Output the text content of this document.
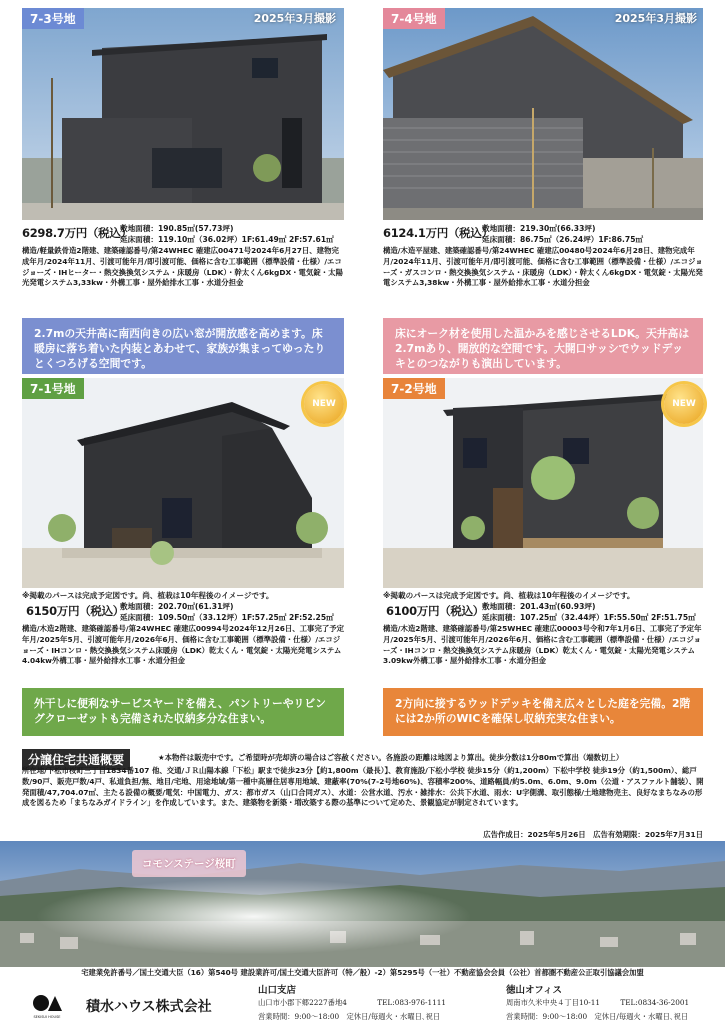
7-3号地	2025年3月撮影
6298.7万円（税込）
敷地面積：190.85㎡(57.73坪)
延床面積：119.10㎡（36.02坪）1F:61.49㎡ 2F:57.61㎡
構造/軽量鉄骨造2階建、建築確認番号/第24WHEC 確建広00471号2024年6月27日、建物完成年月/2024年11月、引渡可能年月/即引渡可能、価格に含む工事範囲（標準設備・仕様）/エコジョーズ・IHヒーター・熱交換換気システム・床暖房（LDK）・幹太くん6kgDX・電気錠・太陽光発電システム3,33kw・外構工事・屋外給排水工事・水道分担金
2.7mの天井高に南西向きの広い窓が開放感を高めます。床暖房に落ち着いた内装とあわせて、家族が集まってゆったりとくつろげる空間です。
7-4号地	2025年3月撮影
6124.1万円（税込）
敷地面積：219.30㎡(66.33坪)
延床面積：86.75㎡（26.24坪）1F:86.75㎡
構造/木造平屋建、建築確認番号/第24WHEC 確建広00480号2024年6月28日、建物完成年月/2024年11月、引渡可能年月/即引渡可能、価格に含む工事範囲（標準設備・仕様）/エコジョーズ・ガスコンロ・熱交換換気システム・床暖房（LDK）・幹太くん6kgDX・電気錠・太陽光発電システム3,38kw・外構工事・屋外給排水工事・水道分担金
床にオーク材を使用した温かみを感じさせるLDK。天井高は2.7mあり、開放的な空間です。大開口サッシでウッドデッキとのつながりも演出しています。
7-1号地
NEW
※掲載のパースは完成予定図です。尚、植栽は10年程後のイメージです。
6150万円（税込）
敷地面積：202.70㎡(61.31坪)
延床面積：109.50㎡（33.12坪）1F:57.25㎡ 2F:52.25㎡
構造/木造2階建、建築確認番号/第24WHEC 確建広00994号2024年12月26日、工事完了予定年月/2025年5月、引渡可能年月/2026年6月、価格に含む工事範囲（標準設備・仕様）/エコジョーズ・IHコンロ・熱交換換気システム床暖房（LDK）乾太くん・電気錠・太陽光発電システム4.04kw外構工事・屋外給排水工事・水道分担金
外干しに便利なサービスヤードを備え、パントリーやリビングクローゼットも完備された収納多分な住まい。
7-2号地
NEW
※掲載のパースは完成予定図です。尚、植栽は10年程後のイメージです。
6100万円（税込）
敷地面積：201.43㎡(60.93坪)
延床面積：107.25㎡（32.44坪）1F:55.50㎡ 2F:51.75㎡
構造/木造2階建、建築確認番号/第25WHEC 確建広00003号令和7年1月6日、工事完了予定年月/2025年5月、引渡可能年月/2026年6月、価格に含む工事範囲（標準設備・仕様）/エコジョーズ・IHコンロ・熱交換換気システム床暖房（LDK）乾太くん・電気錠・太陽光発電システム3.09kw外構工事・屋外給排水工事・水道分担金
2方向に接するウッドデッキを備え広々とした庭を完備。2階には2か所のWICを確保し収納充実な住まい。
分譲住宅共通概要	★本物件は販売中です。ご希望時が売却済の場合はご容赦ください。各施設の距離は地図より算出。徒歩分数は1分80mで算出（端数切上）
所在地/下松市桜町三丁目1834番107 他、交通/ＪＲ山陽本線「下松」駅まで徒歩23分【約1,800m（最長）】、教育施設/下松小学校 徒歩15分（約1,200m）下松中学校 徒歩19分（約1,500m）、総戸数/90戸、販売戸数/4戸、私道負担/無、地目/宅地、用途地域/第一種中高層住居専用地域、建蔽率(70%(7-2号地60%)、容積率200%、道路幅員/約5.0m、6.0m、9.0m（公道・アスファルト舗装）、開発面積/47,704.07㎡、主たる設備の概要/電気：中国電力、ガス：都市ガス（山口合同ガス）、水道：公営水道、汚水・雑排水：公共下水道、雨水：U字側溝、取引態様/土地建物売主、良好なまちなみの形成を図るため「まちなみガイドライン」を作成しています。また、建築物を新築・増改築する際の基準について定めた、景観協定が制定されています。
広告作成日：2025年5月26日　広告有効期限：2025年7月31日
コモンステージ桜町
宅建業免許番号／国土交通大臣（16）第540号 建設業許可/国土交通大臣許可（特／般）-2）第5295号（一社）不動産協会会員（公社）首都圏不動産公正取引協議会加盟
SEKISUI HOUSE
積水ハウス株式会社
山口支店
山口市小郡下郷2227番地4	TEL:083-976-1111
営業時間：9:00～18:00　定休日/毎週火・水曜日､祝日
徳山オフィス
周南市久米中央４丁目10-11	TEL:0834-36-2001
営業時間：9:00～18:00　定休日/毎週火・水曜日､祝日
